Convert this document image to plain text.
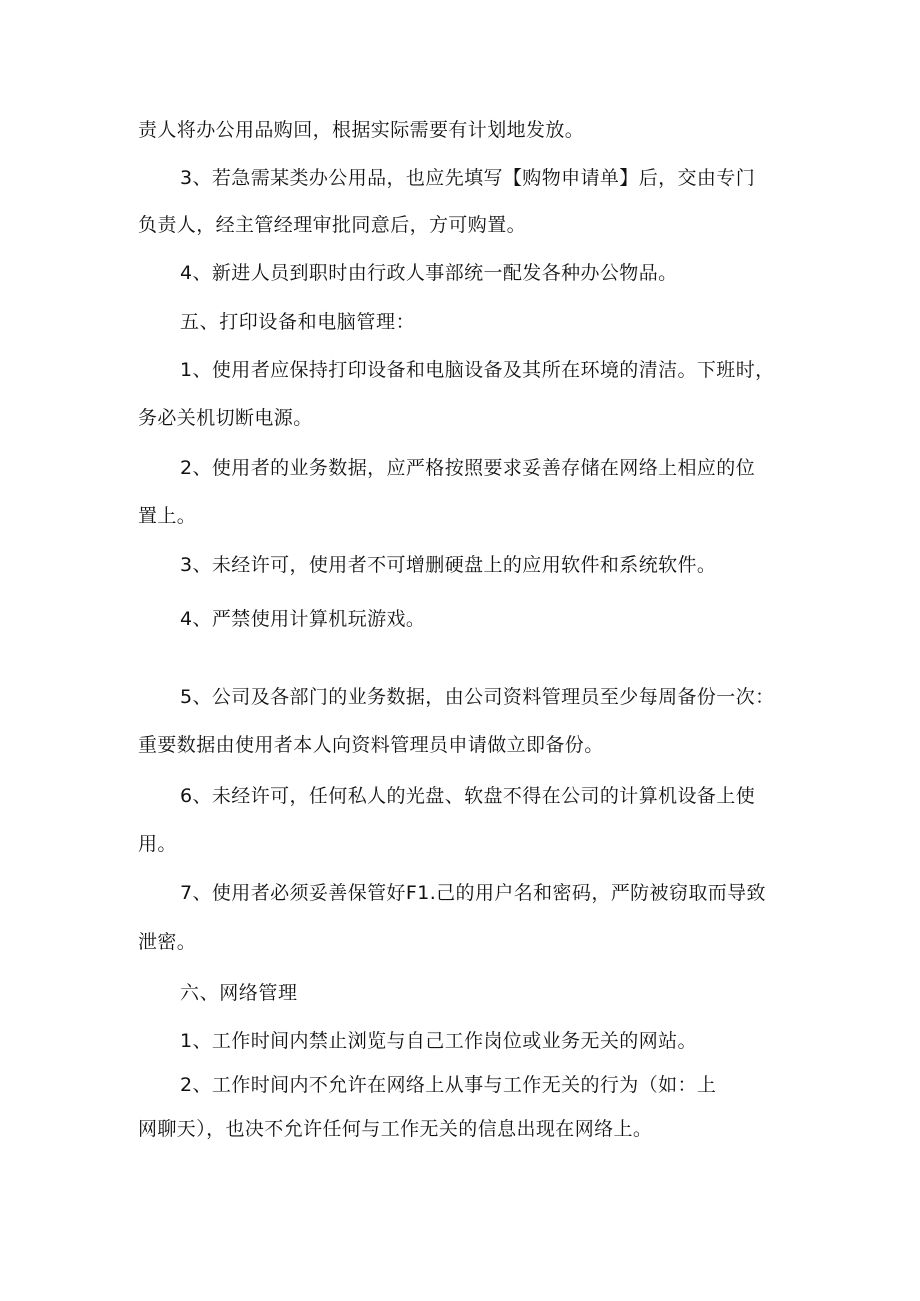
责人将办公用品购回，根据实际需要有计划地发放。
3、若急需某类办公用品，也应先填写【购物申请单】后，交由专门
负责人，经主管经理审批同意后，方可购置。
4、新进人员到职时由行政人事部统一配发各种办公物品。
五、打印设备和电脑管理：
1、使用者应保持打印设备和电脑设备及其所在环境的清洁。下班时，
务必关机切断电源。
2、使用者的业务数据，应严格按照要求妥善存储在网络上相应的位
置上。
3、未经许可，使用者不可增删硬盘上的应用软件和系统软件。
4、严禁使用计算机玩游戏。
5、公司及各部门的业务数据，由公司资料管理员至少每周备份一次：
重要数据由使用者本人向资料管理员申请做立即备份。
6、未经许可，任何私人的光盘、软盘不得在公司的计算机设备上使
用。
7、使用者必须妥善保管好F1.己的用户名和密码，严防被窃取而导致
泄密。
六、网络管理
1、工作时间内禁止浏览与自己工作岗位或业务无关的网站。
2、工作时间内不允许在网络上从事与工作无关的行为（如：上
网聊天），也决不允许任何与工作无关的信息出现在网络上。
